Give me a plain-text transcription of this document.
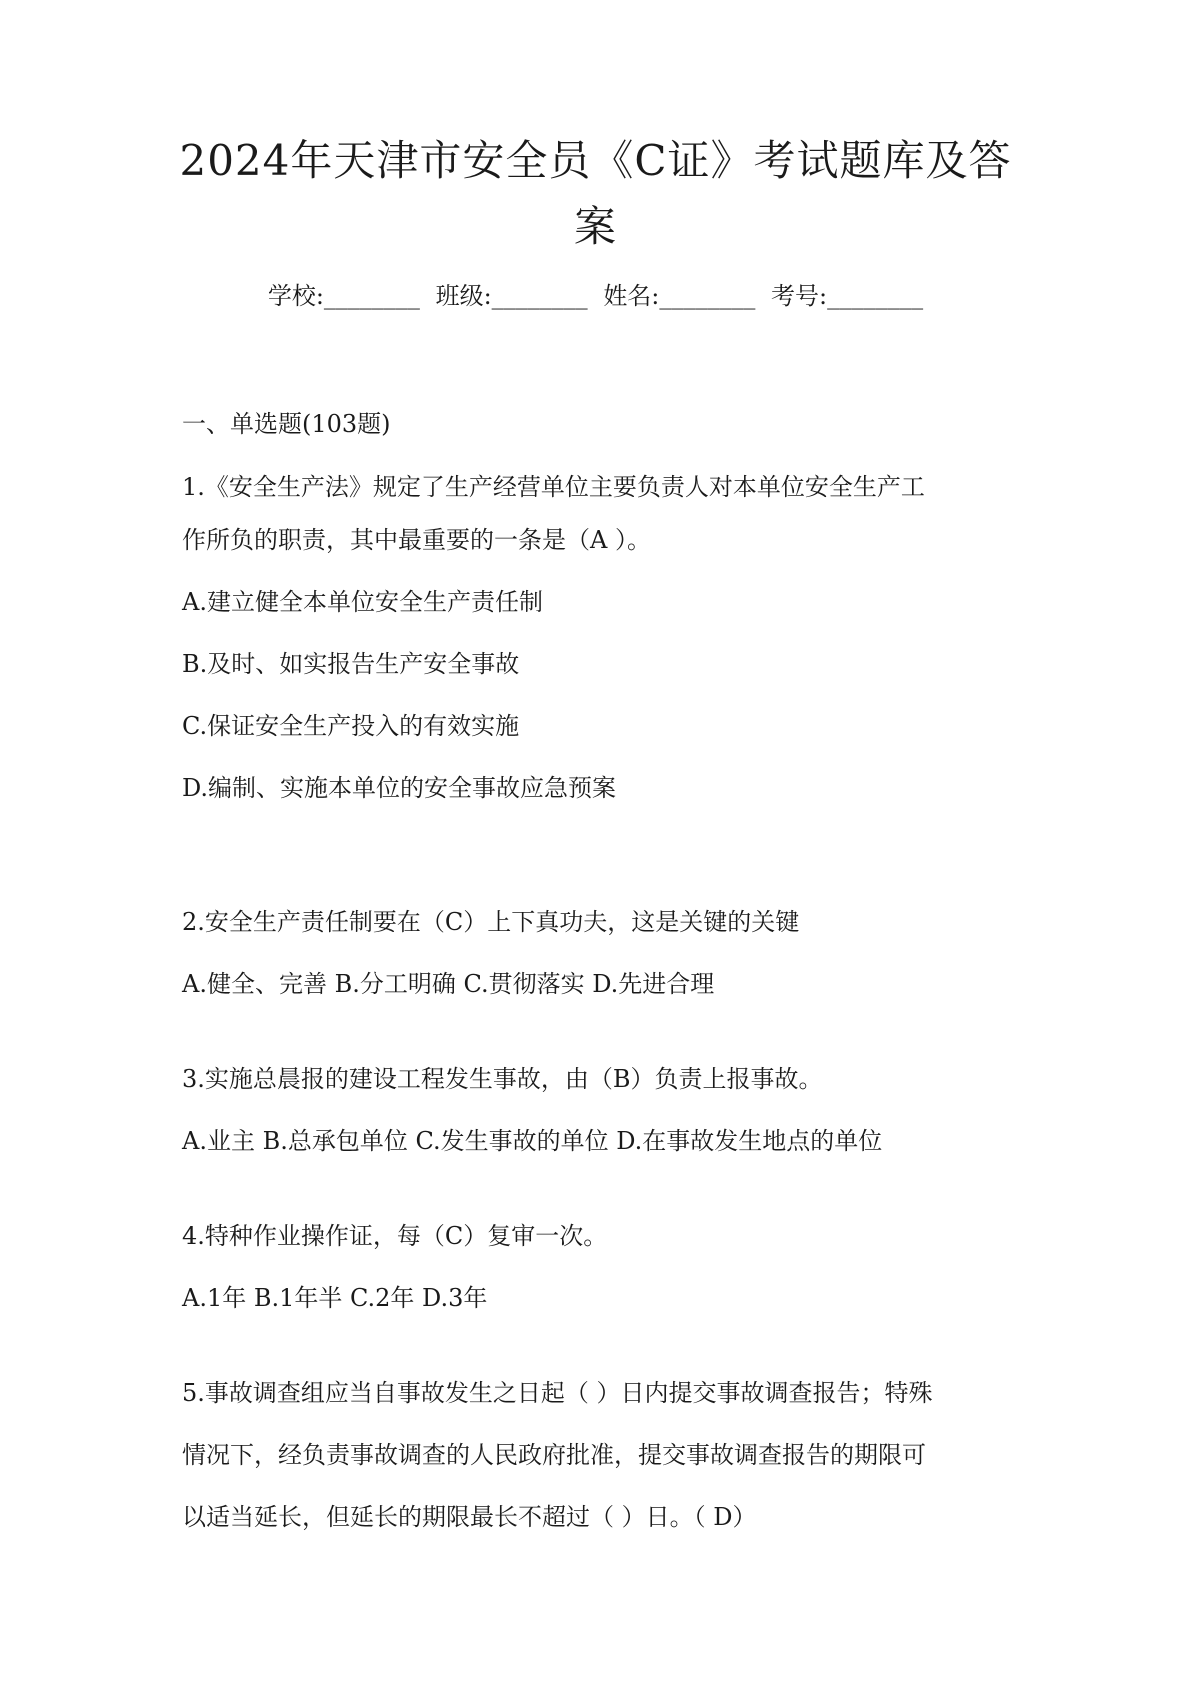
2024年天津市安全员《C证》考试题库及答
案
学校:________ 班级:________ 姓名:________ 考号:________
一、单选题(103题)
1.《安全生产法》规定了生产经营单位主要负责人对本单位安全生产工
作所负的职责，其中最重要的一条是（A ）。
A.建立健全本单位安全生产责任制
B.及时、如实报告生产安全事故
C.保证安全生产投入的有效实施
D.编制、实施本单位的安全事故应急预案
2.安全生产责任制要在（C）上下真功夫，这是关键的关键
A.健全、完善 B.分工明确 C.贯彻落实 D.先进合理
3.实施总晨报的建设工程发生事故，由（B）负责上报事故。
A.业主 B.总承包单位 C.发生事故的单位 D.在事故发生地点的单位
4.特种作业操作证，每（C）复审一次。
A.1年 B.1年半 C.2年 D.3年
5.事故调查组应当自事故发生之日起（ ）日内提交事故调查报告；特殊
情况下，经负责事故调查的人民政府批准，提交事故调查报告的期限可
以适当延长，但延长的期限最长不超过（ ）日。（ D）
